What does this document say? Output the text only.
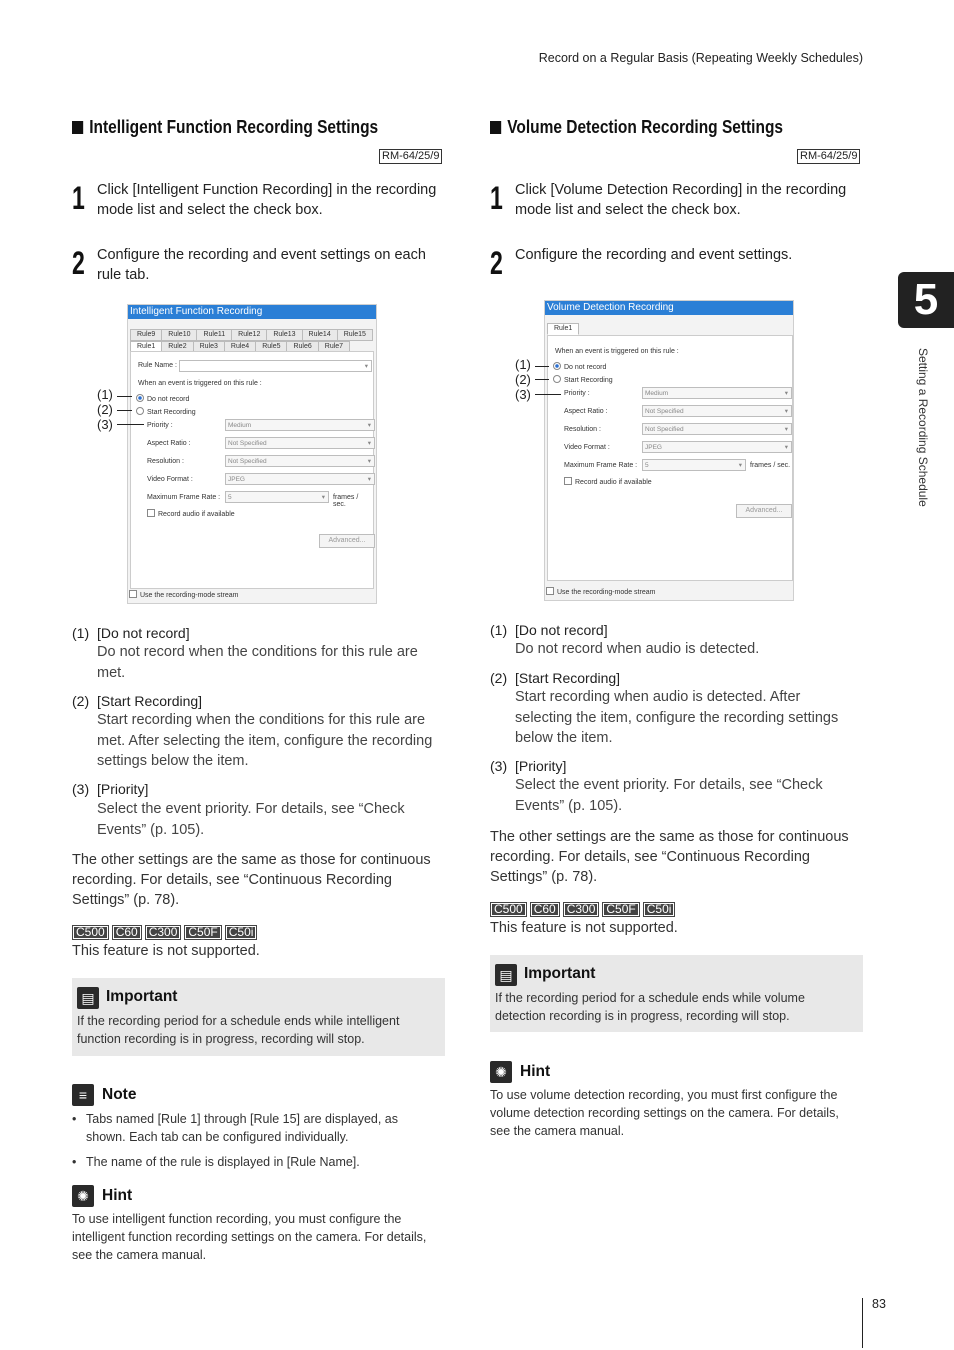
Record on a Regular Basis (Repeating Weekly Schedules)
5
Setting a Recording Schedule
Intelligent Function Recording Settings
RM-64/25/9
1 Click [Intelligent Function Recording] in the recording mode list and select the check box.
2 Configure the recording and event settings on each rule tab.
Intelligent Function Recording
Rule9	Rule10	Rule11	Rule12	Rule13	Rule14	Rule15
Rule1	Rule2	Rule3	Rule4	Rule5	Rule6	Rule7
Rule Name :
▾
When an event is triggered on this rule :
Do not record
Start Recording
Priority :	Medium ▾
Aspect Ratio :	Not Specified ▾
Resolution :	Not Specified ▾
Video Format :	JPEG ▾
Maximum Frame Rate :	5 ▾	frames / sec.
Record audio if available
Advanced...
Use the recording-mode stream
(1)
(2)
(3)
(1) [Do not record]
Do not record when the conditions for this rule are met.
(2) [Start Recording]
Start recording when the conditions for this rule are met. After selecting the item, configure the recording settings below the item.
(3) [Priority]
Select the event priority. For details, see “Check Events” (p. 105).
The other settings are the same as those for continuous recording. For details, see “Continuous Recording Settings” (p. 78).
C500 C60 C300 C50F C50i
This feature is not supported.
▤ Important
If the recording period for a schedule ends while intelligent function recording is in progress, recording will stop.
≡ Note
• Tabs named [Rule 1] through [Rule 15] are displayed, as shown. Each tab can be configured individually.
• The name of the rule is displayed in [Rule Name].
✺ Hint
To use intelligent function recording, you must configure the intelligent function recording settings on the camera. For details, see the camera manual.
Volume Detection Recording Settings
RM-64/25/9
1 Click [Volume Detection Recording] in the recording mode list and select the check box.
2 Configure the recording and event settings.
Volume Detection Recording
Rule1
When an event is triggered on this rule :
Do not record
Start Recording
Priority :	Medium ▾
Aspect Ratio :	Not Specified ▾
Resolution :	Not Specified ▾
Video Format :	JPEG ▾
Maximum Frame Rate :	5 ▾	frames / sec.
Record audio if available
Advanced...
Use the recording-mode stream
(1)
(2)
(3)
(1) [Do not record]
Do not record when audio is detected.
(2) [Start Recording]
Start recording when audio is detected. After selecting the item, configure the recording settings below the item.
(3) [Priority]
Select the event priority. For details, see “Check Events” (p. 105).
The other settings are the same as those for continuous recording. For details, see “Continuous Recording Settings” (p. 78).
C500 C60 C300 C50F C50i
This feature is not supported.
▤ Important
If the recording period for a schedule ends while volume detection recording is in progress, recording will stop.
✺ Hint
To use volume detection recording, you must first configure the volume detection recording settings on the camera. For details, see the camera manual.
83
